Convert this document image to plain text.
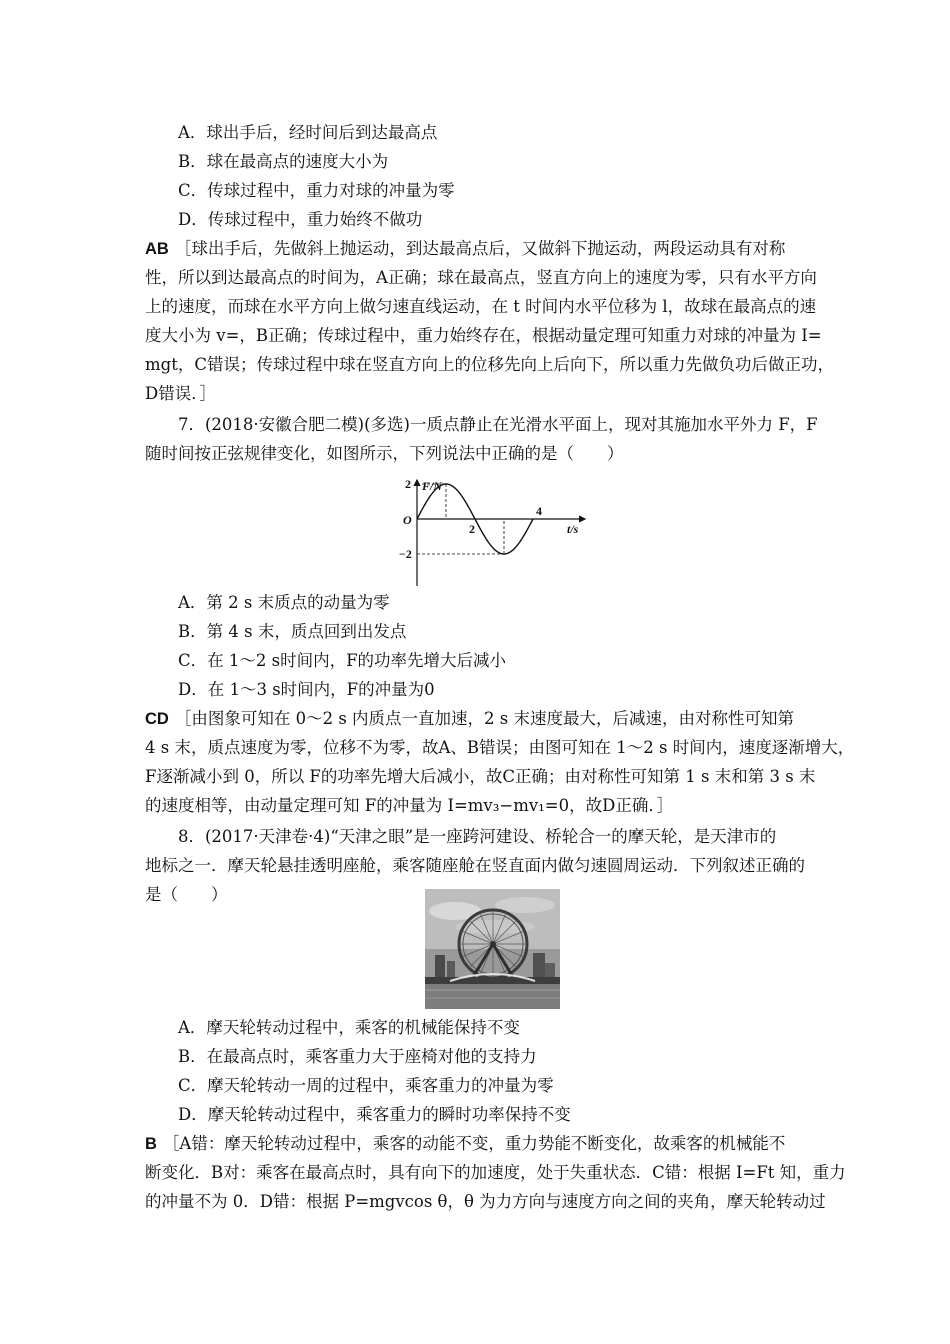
A．球出手后，经时间后到达最高点
B．球在最高点的速度大小为
C．传球过程中，重力对球的冲量为零
D．传球过程中，重力始终不做功
AB ［球出手后，先做斜上抛运动，到达最高点后，又做斜下抛运动，两段运动具有对称
性，所以到达最高点的时间为，A正确；球在最高点，竖直方向上的速度为零，只有水平方向
上的速度，而球在水平方向上做匀速直线运动，在 t 时间内水平位移为 l，故球在最高点的速
度大小为 v=，B正确；传球过程中，重力始终存在，根据动量定理可知重力对球的冲量为 I=
mgt，C错误；传球过程中球在竖直方向上的位移先向上后向下，所以重力先做负功后做正功，
D错误．］
7．(2018·安徽合肥二模)(多选)一质点静止在光滑水平面上，现对其施加水平外力 F，F
随时间按正弦规律变化，如图所示，下列说法中正确的是（　　）
F/N
t/s
O
2
−2
2
4
A．第 2 s 末质点的动量为零
B．第 4 s 末，质点回到出发点
C．在 1～2 s时间内，F的功率先增大后减小
D．在 1～3 s时间内，F的冲量为0
CD ［由图象可知在 0～2 s 内质点一直加速，2 s 末速度最大，后减速，由对称性可知第
4 s 末，质点速度为零，位移不为零，故A、B错误；由图可知在 1～2 s 时间内，速度逐渐增大，
F逐渐减小到 0，所以 F的功率先增大后减小，故C正确；由对称性可知第 1 s 末和第 3 s 末
的速度相等，由动量定理可知 F的冲量为 I=mv₃−mv₁=0，故D正确．］
8．(2017·天津卷·4)“天津之眼”是一座跨河建设、桥轮合一的摩天轮，是天津市的
地标之一．摩天轮悬挂透明座舱，乘客随座舱在竖直面内做匀速圆周运动．下列叙述正确的
是（　　）
A．摩天轮转动过程中，乘客的机械能保持不变
B．在最高点时，乘客重力大于座椅对他的支持力
C．摩天轮转动一周的过程中，乘客重力的冲量为零
D．摩天轮转动过程中，乘客重力的瞬时功率保持不变
B ［A错：摩天轮转动过程中，乘客的动能不变，重力势能不断变化，故乘客的机械能不
断变化．B对：乘客在最高点时，具有向下的加速度，处于失重状态．C错：根据 I=Ft 知，重力
的冲量不为 0．D错：根据 P=mgvcos θ，θ 为力方向与速度方向之间的夹角，摩天轮转动过
